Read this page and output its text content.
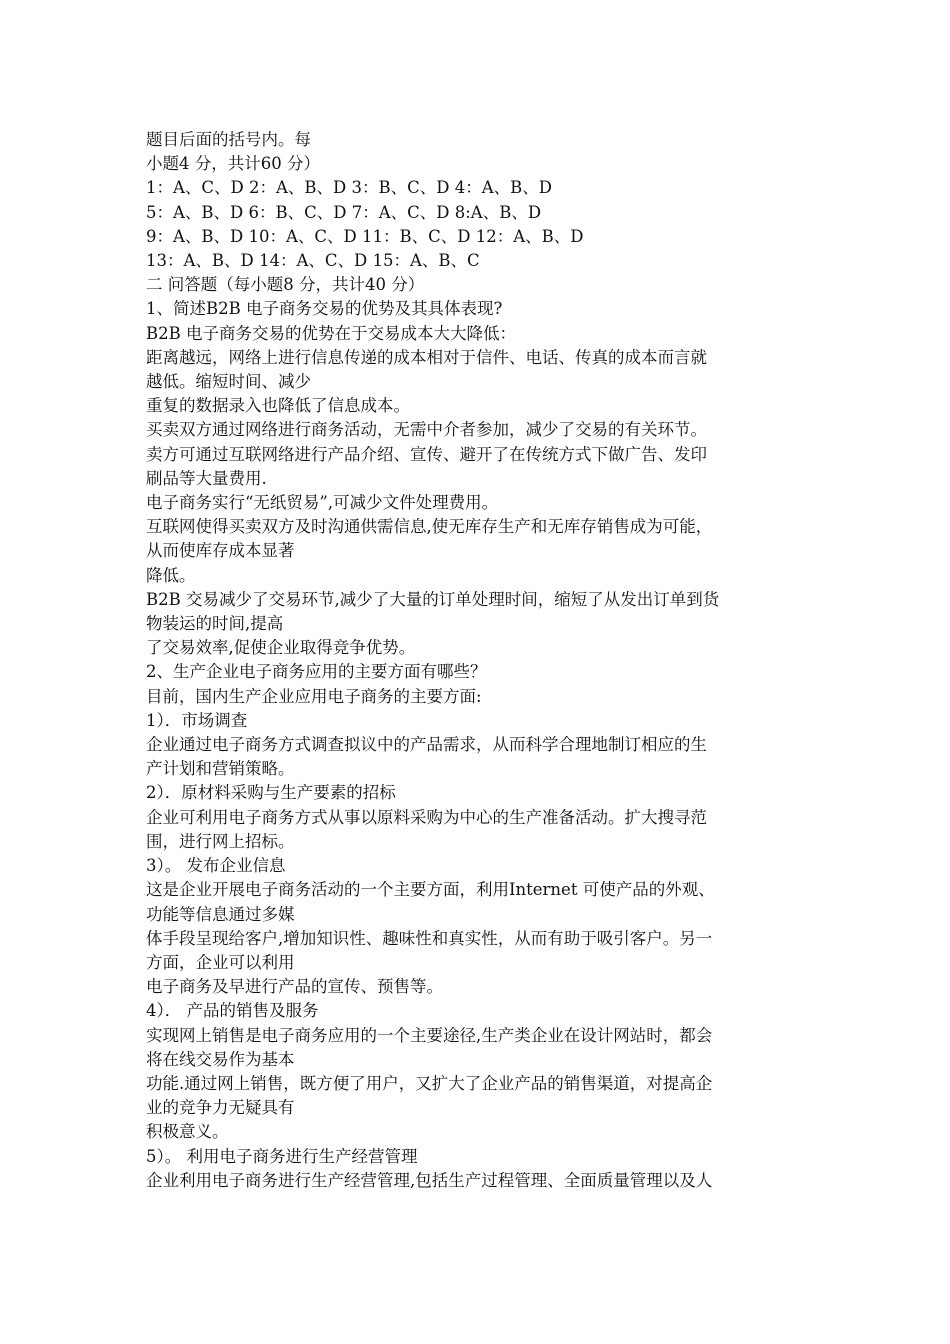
题目后面的括号内。每

小题4 分，共计60 分）

1：A、C、D 2：A、B、D 3：B、C、D 4：A、B、D

5：A、B、D 6：B、C、D 7：A、C、D 8:A、B、D

9：A、B、D 10：A、C、D 11：B、C、D 12：A、B、D

13：A、B、D 14：A、C、D 15：A、B、C

二 问答题（每小题8 分，共计40 分）

1、简述B2B 电子商务交易的优势及其具体表现?

B2B 电子商务交易的优势在于交易成本大大降低：

距离越远，网络上进行信息传递的成本相对于信件、电话、传真的成本而言就

越低。缩短时间、减少

重复的数据录入也降低了信息成本。

买卖双方通过网络进行商务活动，无需中介者参加，减少了交易的有关环节。

卖方可通过互联网络进行产品介绍、宣传、避开了在传统方式下做广告、发印

刷品等大量费用.

电子商务实行“无纸贸易”,可减少文件处理费用。

互联网使得买卖双方及时沟通供需信息,使无库存生产和无库存销售成为可能，

从而使库存成本显著

降低。

B2B 交易减少了交易环节,减少了大量的订单处理时间，缩短了从发出订单到货

物装运的时间,提高

了交易效率,促使企业取得竞争优势。

2、生产企业电子商务应用的主要方面有哪些？

目前，国内生产企业应用电子商务的主要方面:

1）．市场调查

企业通过电子商务方式调查拟议中的产品需求，从而科学合理地制订相应的生

产计划和营销策略。

2）．原材料采购与生产要素的招标

企业可利用电子商务方式从事以原料采购为中心的生产准备活动。扩大搜寻范

围，进行网上招标。

3）。 发布企业信息

这是企业开展电子商务活动的一个主要方面，利用Internet 可使产品的外观、

功能等信息通过多媒

体手段呈现给客户,增加知识性、趣味性和真实性，从而有助于吸引客户。另一

方面，企业可以利用

电子商务及早进行产品的宣传、预售等。

4）． 产品的销售及服务

实现网上销售是电子商务应用的一个主要途径,生产类企业在设计网站时，都会

将在线交易作为基本

功能.通过网上销售，既方便了用户，又扩大了企业产品的销售渠道，对提高企

业的竞争力无疑具有

积极意义。

5）。 利用电子商务进行生产经营管理

企业利用电子商务进行生产经营管理,包括生产过程管理、全面质量管理以及人
